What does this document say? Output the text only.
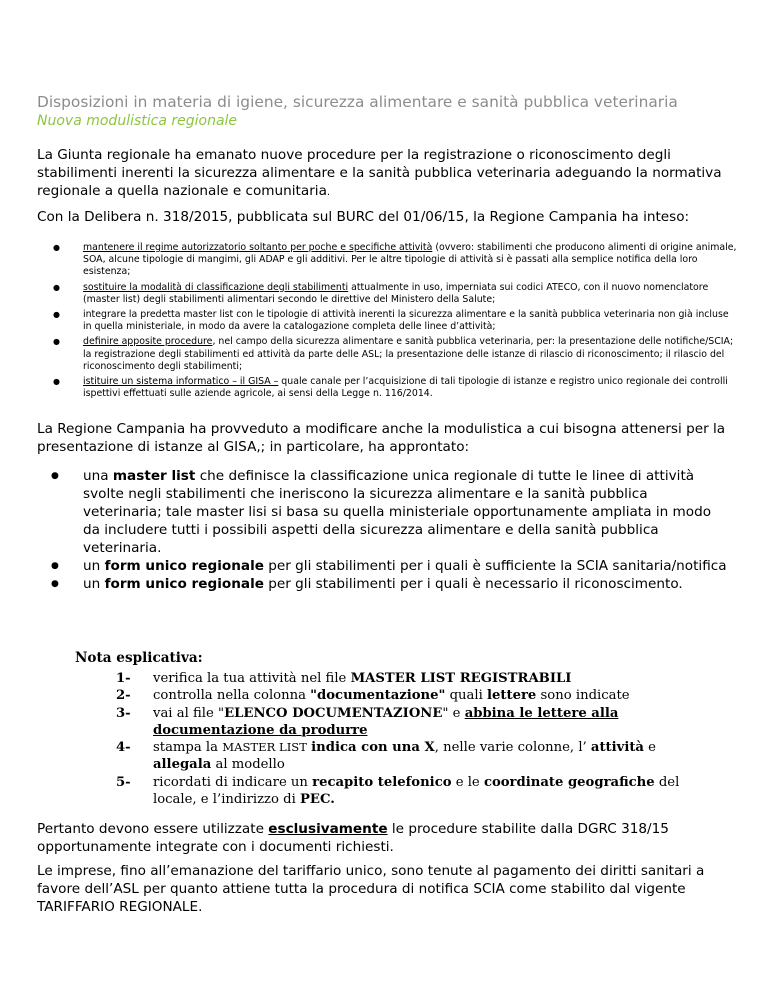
Disposizioni in materia di igiene, sicurezza alimentare e sanità pubblica veterinaria
Nuova modulistica regionale
La Giunta regionale ha emanato nuove procedure per la registrazione o riconoscimento degli stabilimenti inerenti la sicurezza alimentare e la sanità pubblica veterinaria adeguando la normativa regionale a quella nazionale e comunitaria.
Con la Delibera n. 318/2015, pubblicata sul BURC del 01/06/15, la Regione Campania ha inteso:
● mantenere il regime autorizzatorio soltanto per poche e specifiche attività (ovvero: stabilimenti che producono alimenti di origine animale, SOA, alcune tipologie di mangimi, gli ADAP e gli additivi. Per le altre tipologie di attività si è passati alla semplice notifica della loro esistenza;
● sostituire la modalità di classificazione degli stabilimenti attualmente in uso, imperniata sui codici ATECO, con il nuovo nomenclatore (master list) degli stabilimenti alimentari secondo le direttive del Ministero della Salute;
● integrare la predetta master list con le tipologie di attività inerenti la sicurezza alimentare e la sanità pubblica veterinaria non già incluse in quella ministeriale, in modo da avere la catalogazione completa delle linee d’attività;
● definire apposite procedure, nel campo della sicurezza alimentare e sanità pubblica veterinaria, per: la presentazione delle notifiche/SCIA; la registrazione degli stabilimenti ed attività da parte delle ASL; la presentazione delle istanze di rilascio di riconoscimento; il rilascio del riconoscimento degli stabilimenti;
● istituire un sistema informatico – il GISA – quale canale per l’acquisizione di tali tipologie di istanze e registro unico regionale dei controlli ispettivi effettuati sulle aziende agricole, ai sensi della Legge n. 116/2014.
La Regione Campania ha provveduto a modificare anche la modulistica a cui bisogna attenersi per la presentazione di istanze al GISA,; in particolare, ha approntato:
● una master list che definisce la classificazione unica regionale di tutte le linee di attività svolte negli stabilimenti che ineriscono la sicurezza alimentare e la sanità pubblica veterinaria; tale master lisi si basa su quella ministeriale opportunamente ampliata in modo da includere tutti i possibili aspetti della sicurezza alimentare e della sanità pubblica veterinaria.
● un form unico regionale per gli stabilimenti per i quali è sufficiente la SCIA sanitaria/notifica
● un form unico regionale per gli stabilimenti per i quali è necessario il riconoscimento.
Nota esplicativa:
1- verifica la tua attività nel file MASTER LIST REGISTRABILI
2- controlla nella colonna "documentazione" quali lettere sono indicate
3- vai al file "ELENCO DOCUMENTAZIONE" e abbina le lettere alla documentazione da produrre
4- stampa la MASTER LIST indica con una X, nelle varie colonne, l’ attività e allegala al modello
5- ricordati di indicare un recapito telefonico e le coordinate geografiche del locale, e l’indirizzo di PEC.
Pertanto devono essere utilizzate esclusivamente le procedure stabilite dalla DGRC 318/15 opportunamente integrate con i documenti richiesti.
Le imprese, fino all’emanazione del tariffario unico, sono tenute al pagamento dei diritti sanitari a favore dell’ASL per quanto attiene tutta la procedura di notifica SCIA come stabilito dal vigente TARIFFARIO REGIONALE.
